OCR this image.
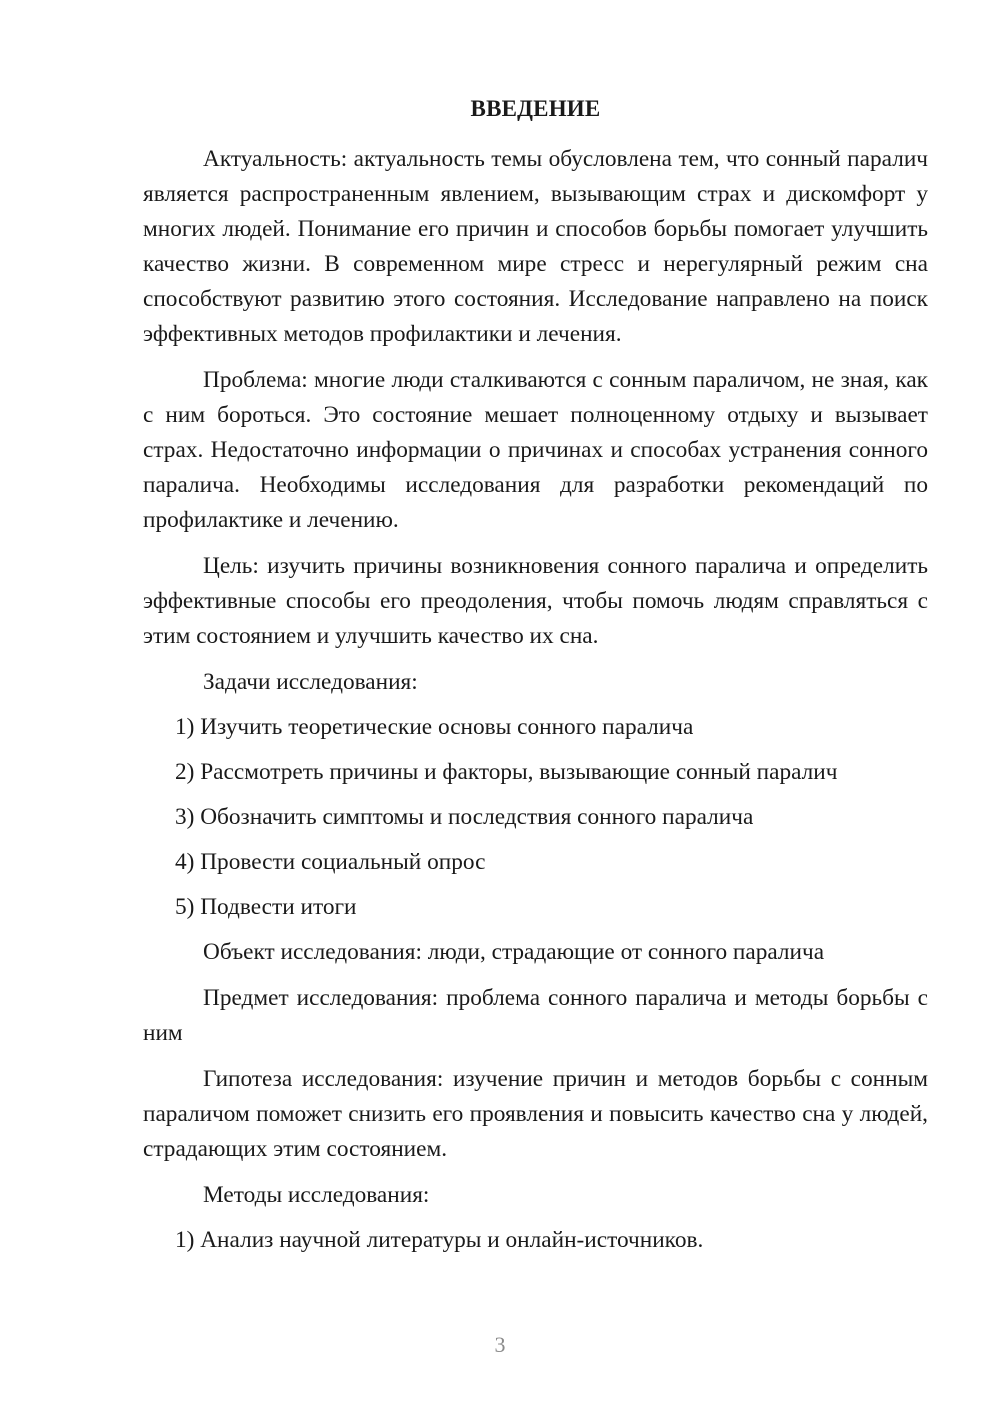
ВВЕДЕНИЕ

Актуальность: актуальность темы обусловлена тем, что сонный паралич является распространенным явлением, вызывающим страх и дискомфорт у многих людей. Понимание его причин и способов борьбы помогает улучшить качество жизни. В современном мире стресс и нерегулярный режим сна способствуют развитию этого состояния. Исследование направлено на поиск эффективных методов профилактики и лечения.

Проблема: многие люди сталкиваются с сонным параличом, не зная, как с ним бороться. Это состояние мешает полноценному отдыху и вызывает страх. Недостаточно информации о причинах и способах устранения сонного паралича. Необходимы исследования для разработки рекомендаций по профилактике и лечению.

Цель: изучить причины возникновения сонного паралича и определить эффективные способы его преодоления, чтобы помочь людям справляться с этим состоянием и улучшить качество их сна.

Задачи исследования:
1) Изучить теоретические основы сонного паралича
2) Рассмотреть причины и факторы, вызывающие сонный паралич
3) Обозначить симптомы и последствия сонного паралича
4) Провести социальный опрос
5) Подвести итоги

Объект исследования: люди, страдающие от сонного паралича

Предмет исследования: проблема сонного паралича и методы борьбы с ним

Гипотеза исследования: изучение причин и методов борьбы с сонным параличом поможет снизить его проявления и повысить качество сна у людей, страдающих этим состоянием.

Методы исследования:
1) Анализ научной литературы и онлайн-источников.
3
